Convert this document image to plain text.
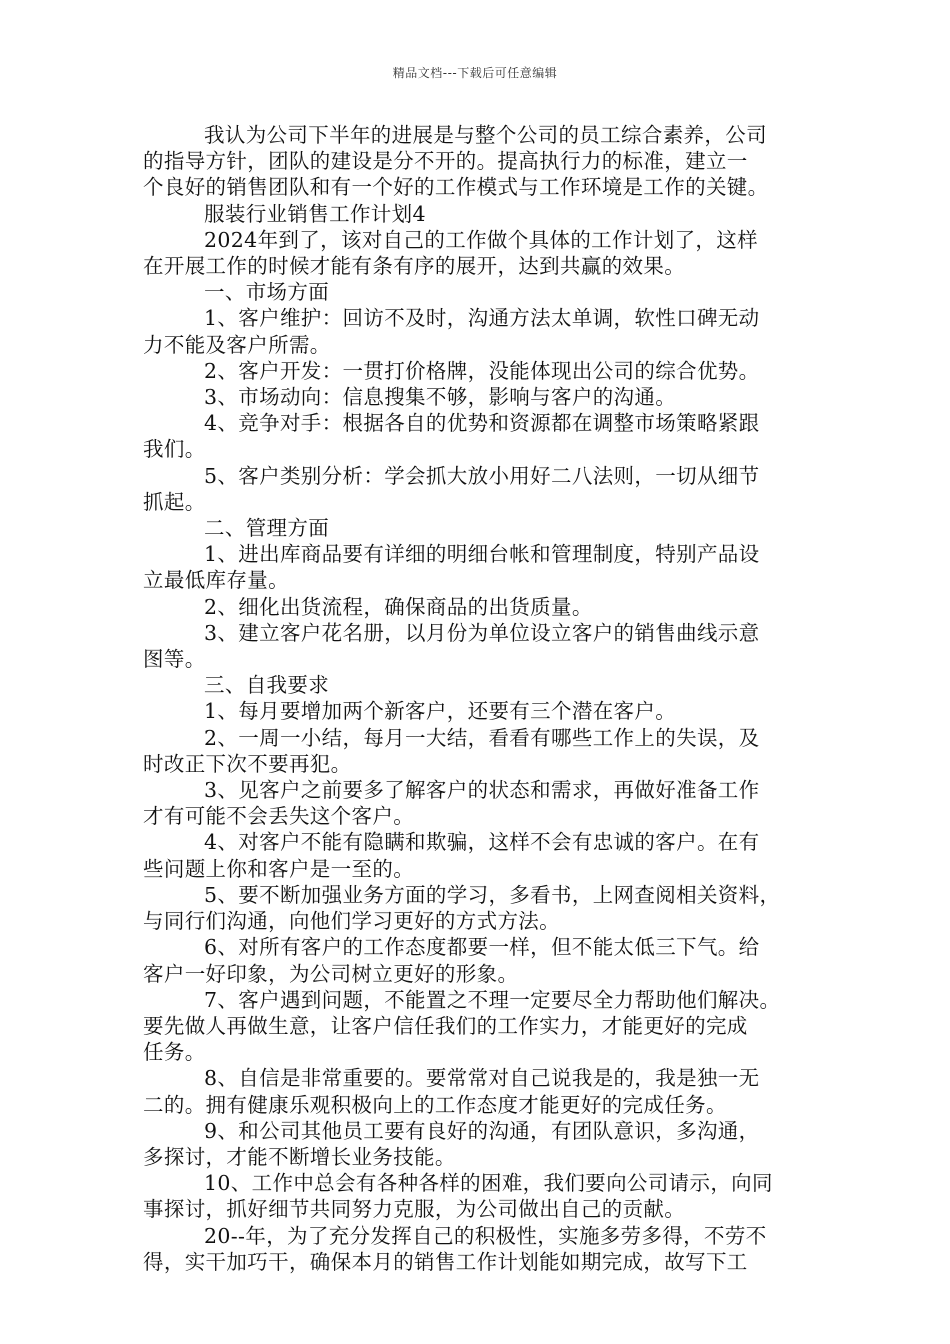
精品文档---下载后可任意编辑
我认为公司下半年的进展是与整个公司的员工综合素养，公司
的指导方针，团队的建设是分不开的。提高执行力的标准，建立一
个良好的销售团队和有一个好的工作模式与工作环境是工作的关键。
服装行业销售工作计划4
2024年到了，该对自己的工作做个具体的工作计划了，这样
在开展工作的时候才能有条有序的展开，达到共赢的效果。
一、市场方面
1、客户维护：回访不及时，沟通方法太单调，软性口碑无动
力不能及客户所需。
2、客户开发：一贯打价格牌，没能体现出公司的综合优势。
3、市场动向：信息搜集不够，影响与客户的沟通。
4、竞争对手：根据各自的优势和资源都在调整市场策略紧跟
我们。
5、客户类别分析：学会抓大放小用好二八法则，一切从细节
抓起。
二、管理方面
1、进出库商品要有详细的明细台帐和管理制度，特别产品设
立最低库存量。
2、细化出货流程，确保商品的出货质量。
3、建立客户花名册，以月份为单位设立客户的销售曲线示意
图等。
三、自我要求
1、每月要增加两个新客户，还要有三个潜在客户。
2、一周一小结，每月一大结，看看有哪些工作上的失误，及
时改正下次不要再犯。
3、见客户之前要多了解客户的状态和需求，再做好准备工作
才有可能不会丢失这个客户。
4、对客户不能有隐瞒和欺骗，这样不会有忠诚的客户。在有
些问题上你和客户是一至的。
5、要不断加强业务方面的学习，多看书，上网查阅相关资料，
与同行们沟通，向他们学习更好的方式方法。
6、对所有客户的工作态度都要一样，但不能太低三下气。给
客户一好印象，为公司树立更好的形象。
7、客户遇到问题，不能置之不理一定要尽全力帮助他们解决。
要先做人再做生意，让客户信任我们的工作实力，才能更好的完成
任务。
8、自信是非常重要的。要常常对自己说我是的，我是独一无
二的。拥有健康乐观积极向上的工作态度才能更好的完成任务。
9、和公司其他员工要有良好的沟通，有团队意识，多沟通，
多探讨，才能不断增长业务技能。
10、工作中总会有各种各样的困难，我们要向公司请示，向同
事探讨，抓好细节共同努力克服，为公司做出自己的贡献。
20--年，为了充分发挥自己的积极性，实施多劳多得，不劳不
得，实干加巧干，确保本月的销售工作计划能如期完成，故写下工
